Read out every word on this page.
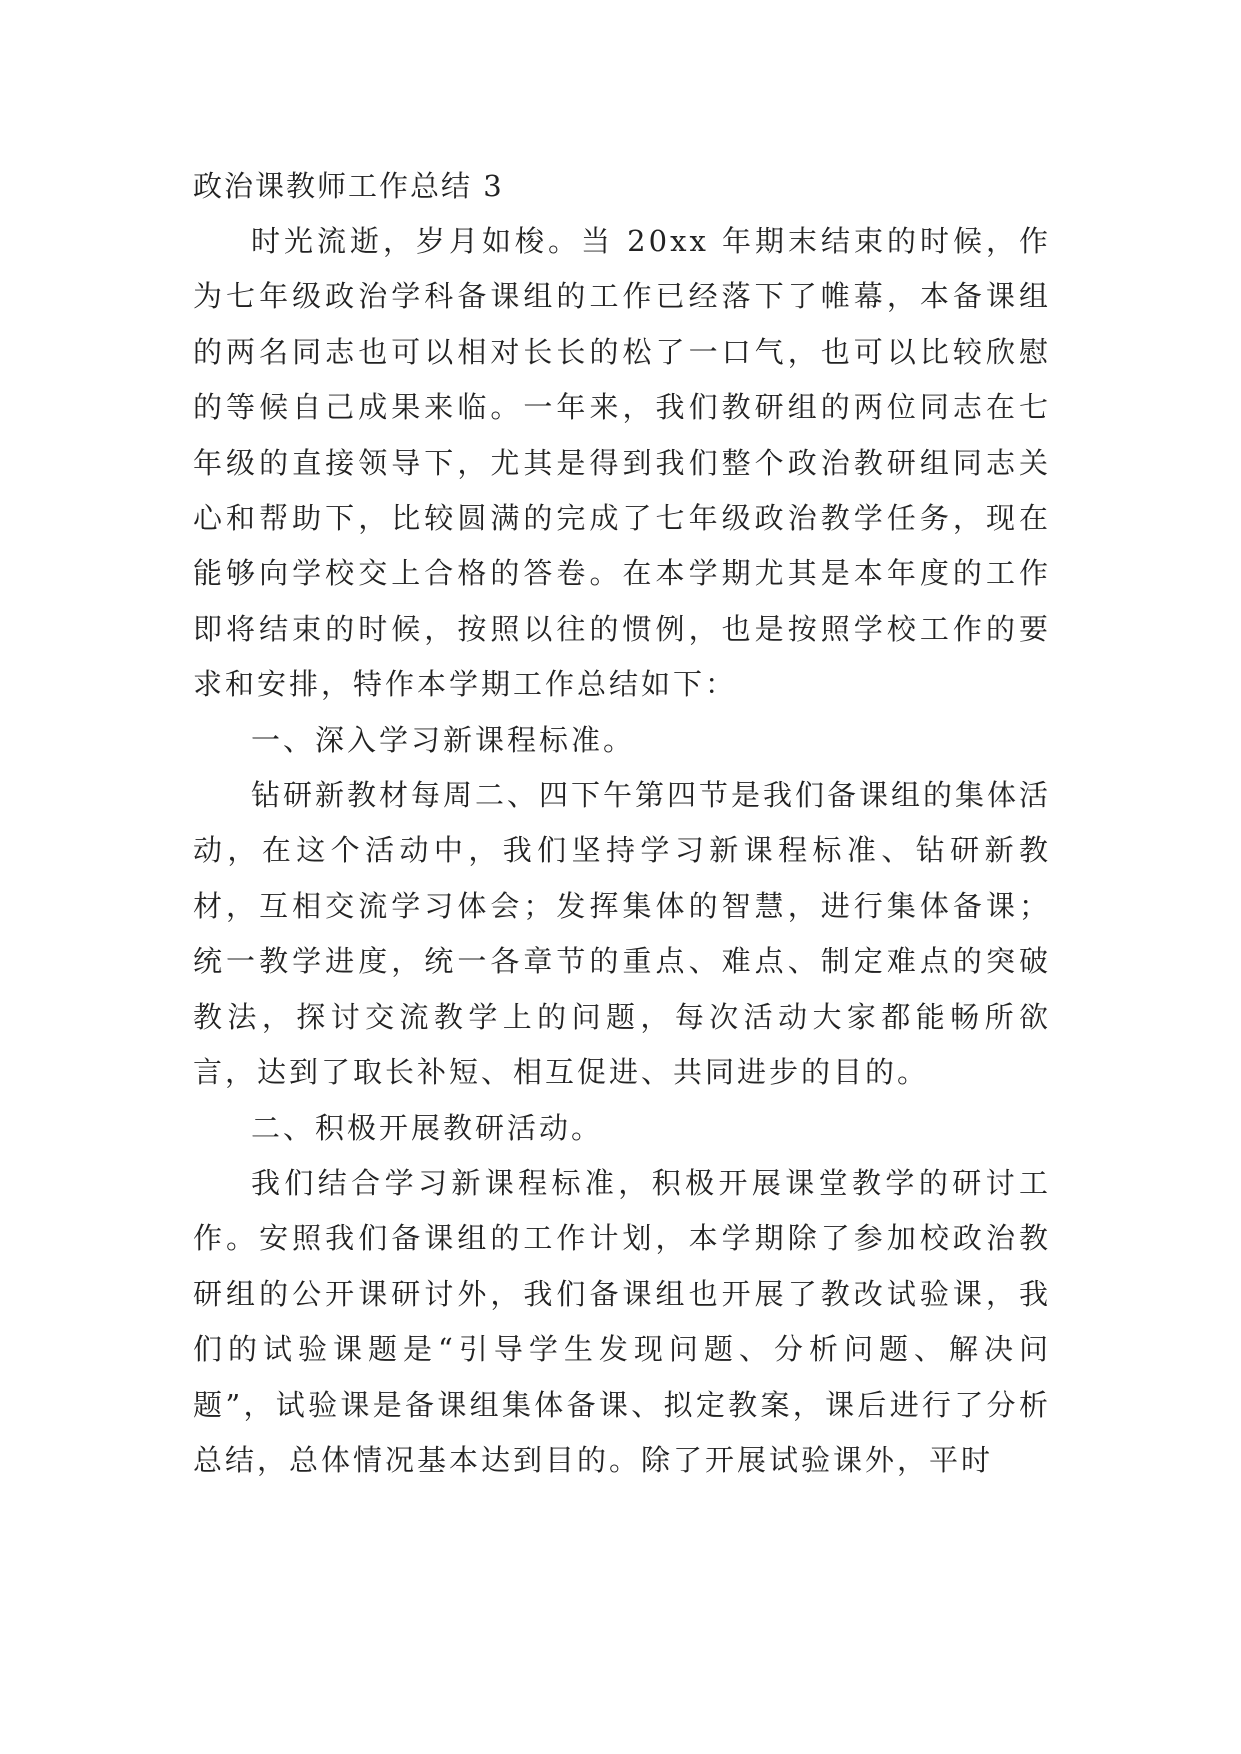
政治课教师工作总结 3

时光流逝，岁月如梭。当 20xx 年期末结束的时候，作为七年级政治学科备课组的工作已经落下了帷幕，本备课组的两名同志也可以相对长长的松了一口气，也可以比较欣慰的等候自己成果来临。一年来，我们教研组的两位同志在七年级的直接领导下，尤其是得到我们整个政治教研组同志关心和帮助下，比较圆满的完成了七年级政治教学任务，现在能够向学校交上合格的答卷。在本学期尤其是本年度的工作即将结束的时候，按照以往的惯例，也是按照学校工作的要求和安排，特作本学期工作总结如下：

一、深入学习新课程标准。

钻研新教材每周二、四下午第四节是我们备课组的集体活动，在这个活动中，我们坚持学习新课程标准、钻研新教材，互相交流学习体会；发挥集体的智慧，进行集体备课；统一教学进度，统一各章节的重点、难点、制定难点的突破教法，探讨交流教学上的问题，每次活动大家都能畅所欲言，达到了取长补短、相互促进、共同进步的目的。

二、积极开展教研活动。

我们结合学习新课程标准，积极开展课堂教学的研讨工作。安照我们备课组的工作计划，本学期除了参加校政治教研组的公开课研讨外，我们备课组也开展了教改试验课，我们的试验课题是“引导学生发现问题、分析问题、解决问题”，试验课是备课组集体备课、拟定教案，课后进行了分析总结，总体情况基本达到目的。除了开展试验课外，平时
